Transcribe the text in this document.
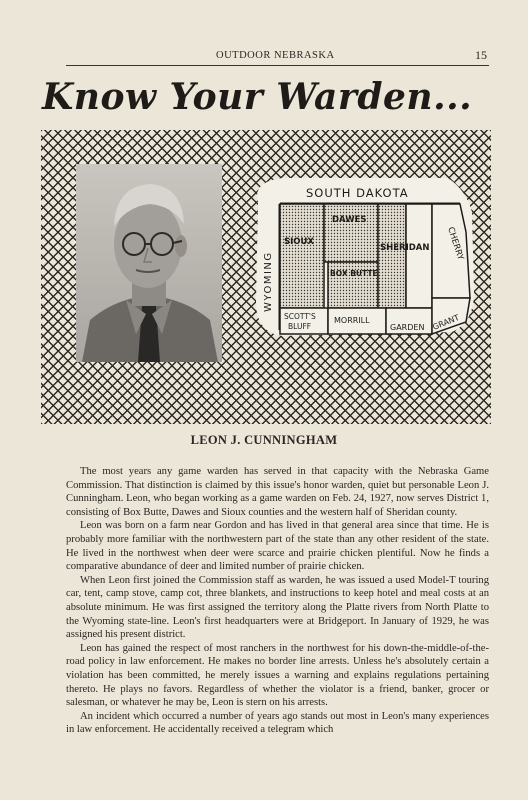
OUTDOOR NEBRASKA	15
Know Your Warden...
SOUTH DAKOTA
WYOMING
DAWES
SIOUX
SHERIDAN
BOX BUTTE
CHERRY
SCOTT'S
BLUFF
MORRILL
GARDEN GRANT
LEON J. CUNNINGHAM

The most years any game warden has served in that capacity with the Nebraska Game Commission. That distinction is claimed by this issue's honor warden, quiet but personable Leon J. Cunningham. Leon, who began working as a game warden on Feb. 24, 1927, now serves District 1, consisting of Box Butte, Dawes and Sioux counties and the western half of Sheridan county.

Leon was born on a farm near Gordon and has lived in that general area since that time. He is probably more familiar with the northwestern part of the state than any other resident of the state. He lived in the northwest when deer were scarce and prairie chicken plentiful. Now he finds a comparative abundance of deer and limited number of prairie chicken.

When Leon first joined the Commission staff as warden, he was issued a used Model-T touring car, tent, camp stove, camp cot, three blankets, and instructions to keep hotel and meal costs at an absolute minimum. He was first assigned the territory along the Platte rivers from North Platte to the Wyoming state-line. Leon's first headquarters were at Bridgeport. In January of 1929, he was assigned his present district.

Leon has gained the respect of most ranchers in the northwest for his down-the-middle-of-the-road policy in law enforcement. He makes no border line arrests. Unless he's absolutely certain a violation has been committed, he merely issues a warning and explains regulations pertaining thereto. He plays no favors. Regardless of whether the violator is a friend, banker, grocer or salesman, or whatever he may be, Leon is stern on his arrests.

An incident which occurred a number of years ago stands out most in Leon's many experiences in law enforcement. He accidentally received a telegram which
